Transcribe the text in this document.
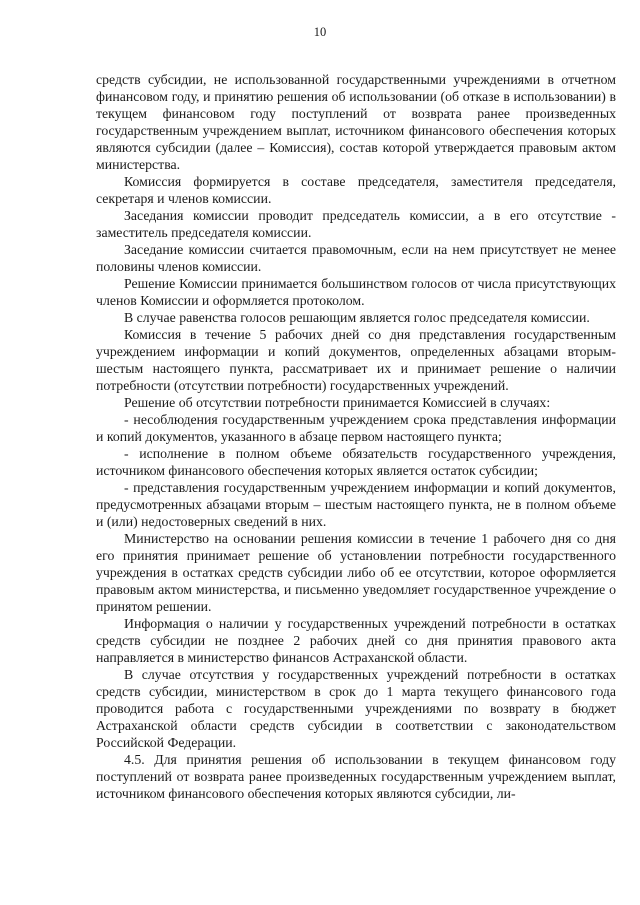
10

средств субсидии, не использованной государственными учреждениями в отчетном финансовом году, и принятию решения об использовании (об отказе в использовании) в текущем финансовом году поступлений от возврата ранее произведенных государственным учреждением выплат, источником финансового обеспечения которых являются субсидии (далее – Комиссия), состав которой утверждается правовым актом министерства.

Комиссия формируется в составе председателя, заместителя председателя, секретаря и членов комиссии.

Заседания комиссии проводит председатель комиссии, а в его отсутствие - заместитель председателя комиссии.

Заседание комиссии считается правомочным, если на нем присутствует не менее половины членов комиссии.

Решение Комиссии принимается большинством голосов от числа присутствующих членов Комиссии и оформляется протоколом.

В случае равенства голосов решающим является голос председателя комиссии.

Комиссия в течение 5 рабочих дней со дня представления государственным учреждением информации и копий документов, определенных абзацами вторым-шестым настоящего пункта, рассматривает их и принимает решение о наличии потребности (отсутствии потребности) государственных учреждений.

Решение об отсутствии потребности принимается Комиссией в случаях:

- несоблюдения государственным учреждением срока представления информации и копий документов, указанного в абзаце первом настоящего пункта;

- исполнение в полном объеме обязательств государственного учреждения, источником финансового обеспечения которых является остаток субсидии;

- представления государственным учреждением информации и копий документов, предусмотренных абзацами вторым – шестым настоящего пункта, не в полном объеме и (или) недостоверных сведений в них.

Министерство на основании решения комиссии в течение 1 рабочего дня со дня его принятия принимает решение об установлении потребности государственного учреждения в остатках средств субсидии либо об ее отсутствии, которое оформляется правовым актом министерства, и письменно уведомляет государственное учреждение о принятом решении.

Информация о наличии у государственных учреждений потребности в остатках средств субсидии не позднее 2 рабочих дней со дня принятия правового акта направляется в министерство финансов Астраханской области.

В случае отсутствия у государственных учреждений потребности в остатках средств субсидии, министерством в срок до 1 марта текущего финансового года проводится работа с государственными учреждениями по возврату в бюджет Астраханской области средств субсидии в соответствии с законодательством Российской Федерации.

4.5. Для принятия решения об использовании в текущем финансовом году поступлений от возврата ранее произведенных государственным учреждением выплат, источником финансового обеспечения которых являются субсидии, ли-
